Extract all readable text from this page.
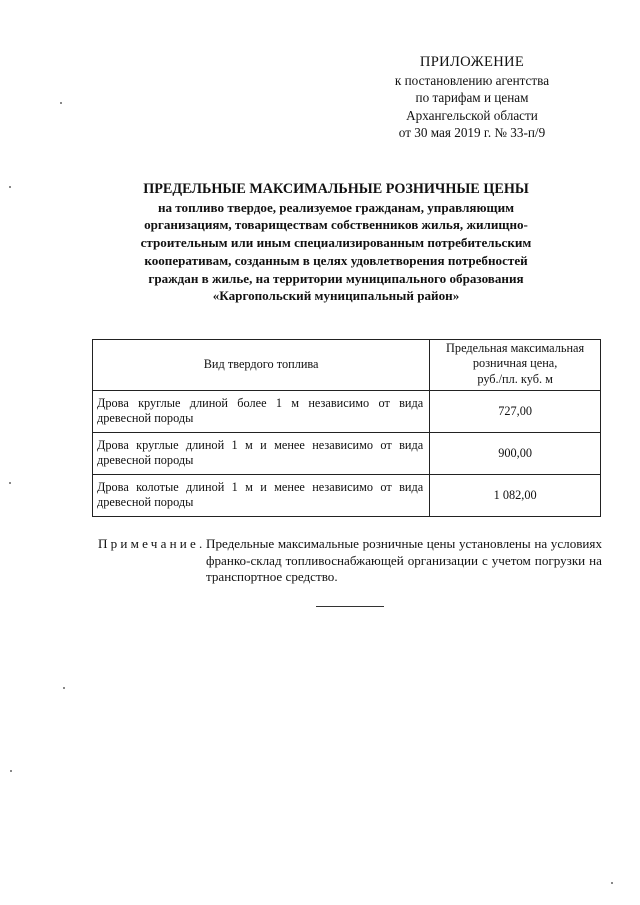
ПРИЛОЖЕНИЕ
к постановлению агентства
по тарифам и ценам
Архангельской области
от 30 мая 2019 г. № 33-п/9
ПРЕДЕЛЬНЫЕ МАКСИМАЛЬНЫЕ РОЗНИЧНЫЕ ЦЕНЫ
на топливо твердое, реализуемое гражданам, управляющим
организациям, товариществам собственников жилья, жилищно-
строительным или иным специализированным потребительским
кооперативам, созданным в целях удовлетворения потребностей
граждан в жилье, на территории муниципального образования
«Каргопольский муниципальный район»
Вид твердого топлива	Предельная максимальная
розничная цена,
руб./пл. куб. м

Дрова круглые длиной более 1 м независимо от вида древесной породы	727,00
Дрова круглые длиной 1 м и менее независимо от вида древесной породы	900,00
Дрова колотые длиной 1 м и менее независимо от вида древесной породы	1 082,00
Примечание. Предельные максимальные розничные цены установлены на условиях франко-склад топливоснабжающей организации с учетом погрузки на транспортное средство.
